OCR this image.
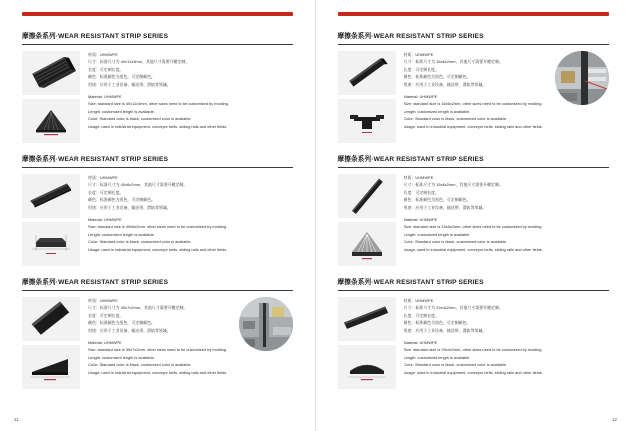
摩擦条系列·WEAR RESISTANT STRIP SERIES
材质：UHMWPE
尺寸：标准尺寸为 40x11x3mm，其他尺寸需要开模定制。
长度：可定制长度。
颜色：标准颜色为黑色，可定制颜色。
用途：应用于工业设备、输送带、滑轨等领域。
Material: UHMWPE
Size: standard size is 40x11x3mm, other sizes need to be customized by molding.
Length: customized length is available.
Color: Standard color is black, customized color is available.
Usage: used in industrial equipment, conveyor belts, sliding rails and other fields.
摩擦条系列·WEAR RESISTANT STRIP SERIES
材质：UHMWPE
尺寸：标准尺寸为 45x6x2mm，其他尺寸需要开模定制。
长度：可定制长度。
颜色：标准颜色为黑色，可定制颜色。
用途：应用于工业设备、输送带、滑轨等领域。
Material: UHMWPE
Size: standard size is 45x6x2mm, other sizes need to be customized by molding.
Length: customized length is available.
Color: Standard color is black, customized color is available.
Usage: used in industrial equipment, conveyor belts, sliding rails and other fields.
摩擦条系列·WEAR RESISTANT STRIP SERIES
材质：UHMWPE
尺寸：标准尺寸为 35x7x2mm，其他尺寸需要开模定制。
长度：可定制长度。
颜色：标准颜色为黑色，可定制颜色。
用途：应用于工业设备、输送带、滑轨等领域。
Material: UHMWPE
Size: standard size is 35x7x2mm, other sizes need to be customized by molding.
Length: customized length is available.
Color: Standard color is black, customized color is available.
Usage: used in industrial equipment, conveyor belts, sliding rails and other fields.
11
摩擦条系列·WEAR RESISTANT STRIP SERIES
材质：UHMWPE
尺寸：标准尺寸为 16x6x2mm，其他尺寸需要开模定制。
长度：可定制长度。
颜色：标准颜色为黑色，可定制颜色。
用途：应用于工业设备、输送带、滑轨等领域。
Material: UHMWPE
Size: standard size is 16x6x2mm, other sizes need to be customized by molding.
Length: customized length is available.
Color: Standard color is black, customized color is available.
Usage: used in industrial equipment, conveyor belts, sliding rails and other fields.
摩擦条系列·WEAR RESISTANT STRIP SERIES
材质：UHMWPE
尺寸：标准尺寸为 15x6x2mm，其他尺寸需要开模定制。
长度：可定制长度。
颜色：标准颜色为黑色，可定制颜色。
用途：应用于工业设备、输送带、滑轨等领域。
Material: UHMWPE
Size: standard size is 15x6x2mm, other sizes need to be customized by molding.
Length: customized length is available.
Color: Standard color is black, customized color is available.
Usage: used in industrial equipment, conveyor belts, sliding rails and other fields.
摩擦条系列·WEAR RESISTANT STRIP SERIES
材质：UHMWPE
尺寸：标准尺寸为 29x4x2mm，其他尺寸需要开模定制。
长度：可定制长度。
颜色：标准颜色为黑色，可定制颜色。
用途：应用于工业设备、输送带、滑轨等领域。
Material: UHMWPE
Size: standard size is 29x4x2mm, other sizes need to be customized by molding.
Length: customized length is available.
Color: Standard color is black, customized color is available.
Usage: used in industrial equipment, conveyor belts, sliding rails and other fields.
12
